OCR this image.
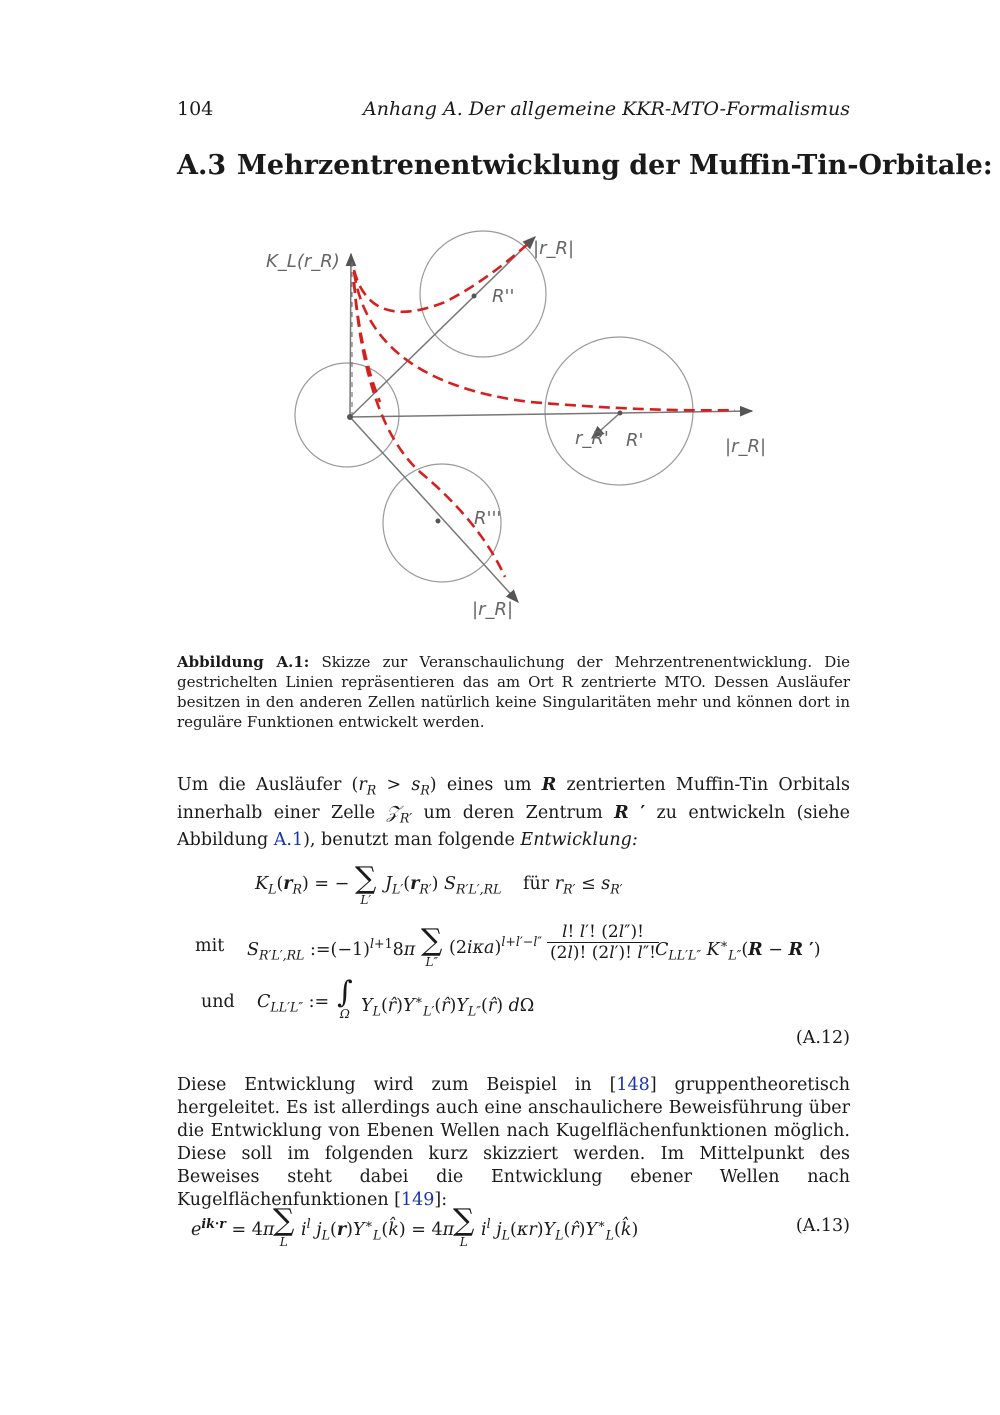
104	Anhang A. Der allgemeine KKR-MTO-Formalismus
A.3 Mehrzentrenentwicklung der Muffin-Tin-Orbitale:
K_L(r_R)
|r_R|
R''
R'
r_R'	|r_R|
R'''
|r_R|
Abbildung A.1: Skizze zur Veranschaulichung der Mehrzentrenentwicklung. Die gestrichelten Linien repräsentieren das am Ort R zentrierte MTO. Dessen Ausläufer besitzen in den anderen Zellen natürlich keine Singularitäten mehr und können dort in reguläre Funktionen entwickelt werden.
Um die Ausläufer $(r_R > s_R)$ eines um R zentrierten Muffin-Tin Orbitals innerhalb einer Zelle 𝒵$_{R'}$ um deren Zentrum R ′ zu entwickeln (siehe Abbildung A.1), benutzt man folgende Entwicklung:
$K_L(r_R)$ = − ∑
L′
$J_{L'}(r_{R'})$ $S_{R'L',RL}$ für $r_{R'} \le s_{R'}$
mit $S_{R'L',RL}$ $:=(-1)^{l+1}8\pi$ ∑
L″
$(2i\kappa a)^{l+l'-l''} \frac{l! l'! (2l'')!}{(2l)! (2l')! l''!}$
$C_{LL'L''}$ $K^∗_{L''}(R - R$ ′)
und $C_{LL'L''}$ := ∫
Ω $Y_L(r̂)Y^∗_{L'}(r̂)Y_{L''}(r̂)$ dΩ
(A.12)
Diese Entwicklung wird zum Beispiel in [148] gruppentheoretisch hergeleitet. Es ist allerdings auch eine anschaulichere Beweisführung über die Entwicklung von Ebenen Wellen nach Kugelflächenfunktionen möglich. Diese soll im folgenden kurz skizziert werden. Im Mittelpunkt des Beweises steht dabei die Entwicklung ebener Wellen nach Kugelflächenfunktionen [149]:
$e^{ik\cdot r} = 4\pi$
∑
L
$i^l$ $j_L(r)Y^∗_L(k̂) = 4\pi$
∑
L
$i^l$ $j_L(\kappa r)Y_L(r̂)Y^∗_L(k̂)$	(A.13)
